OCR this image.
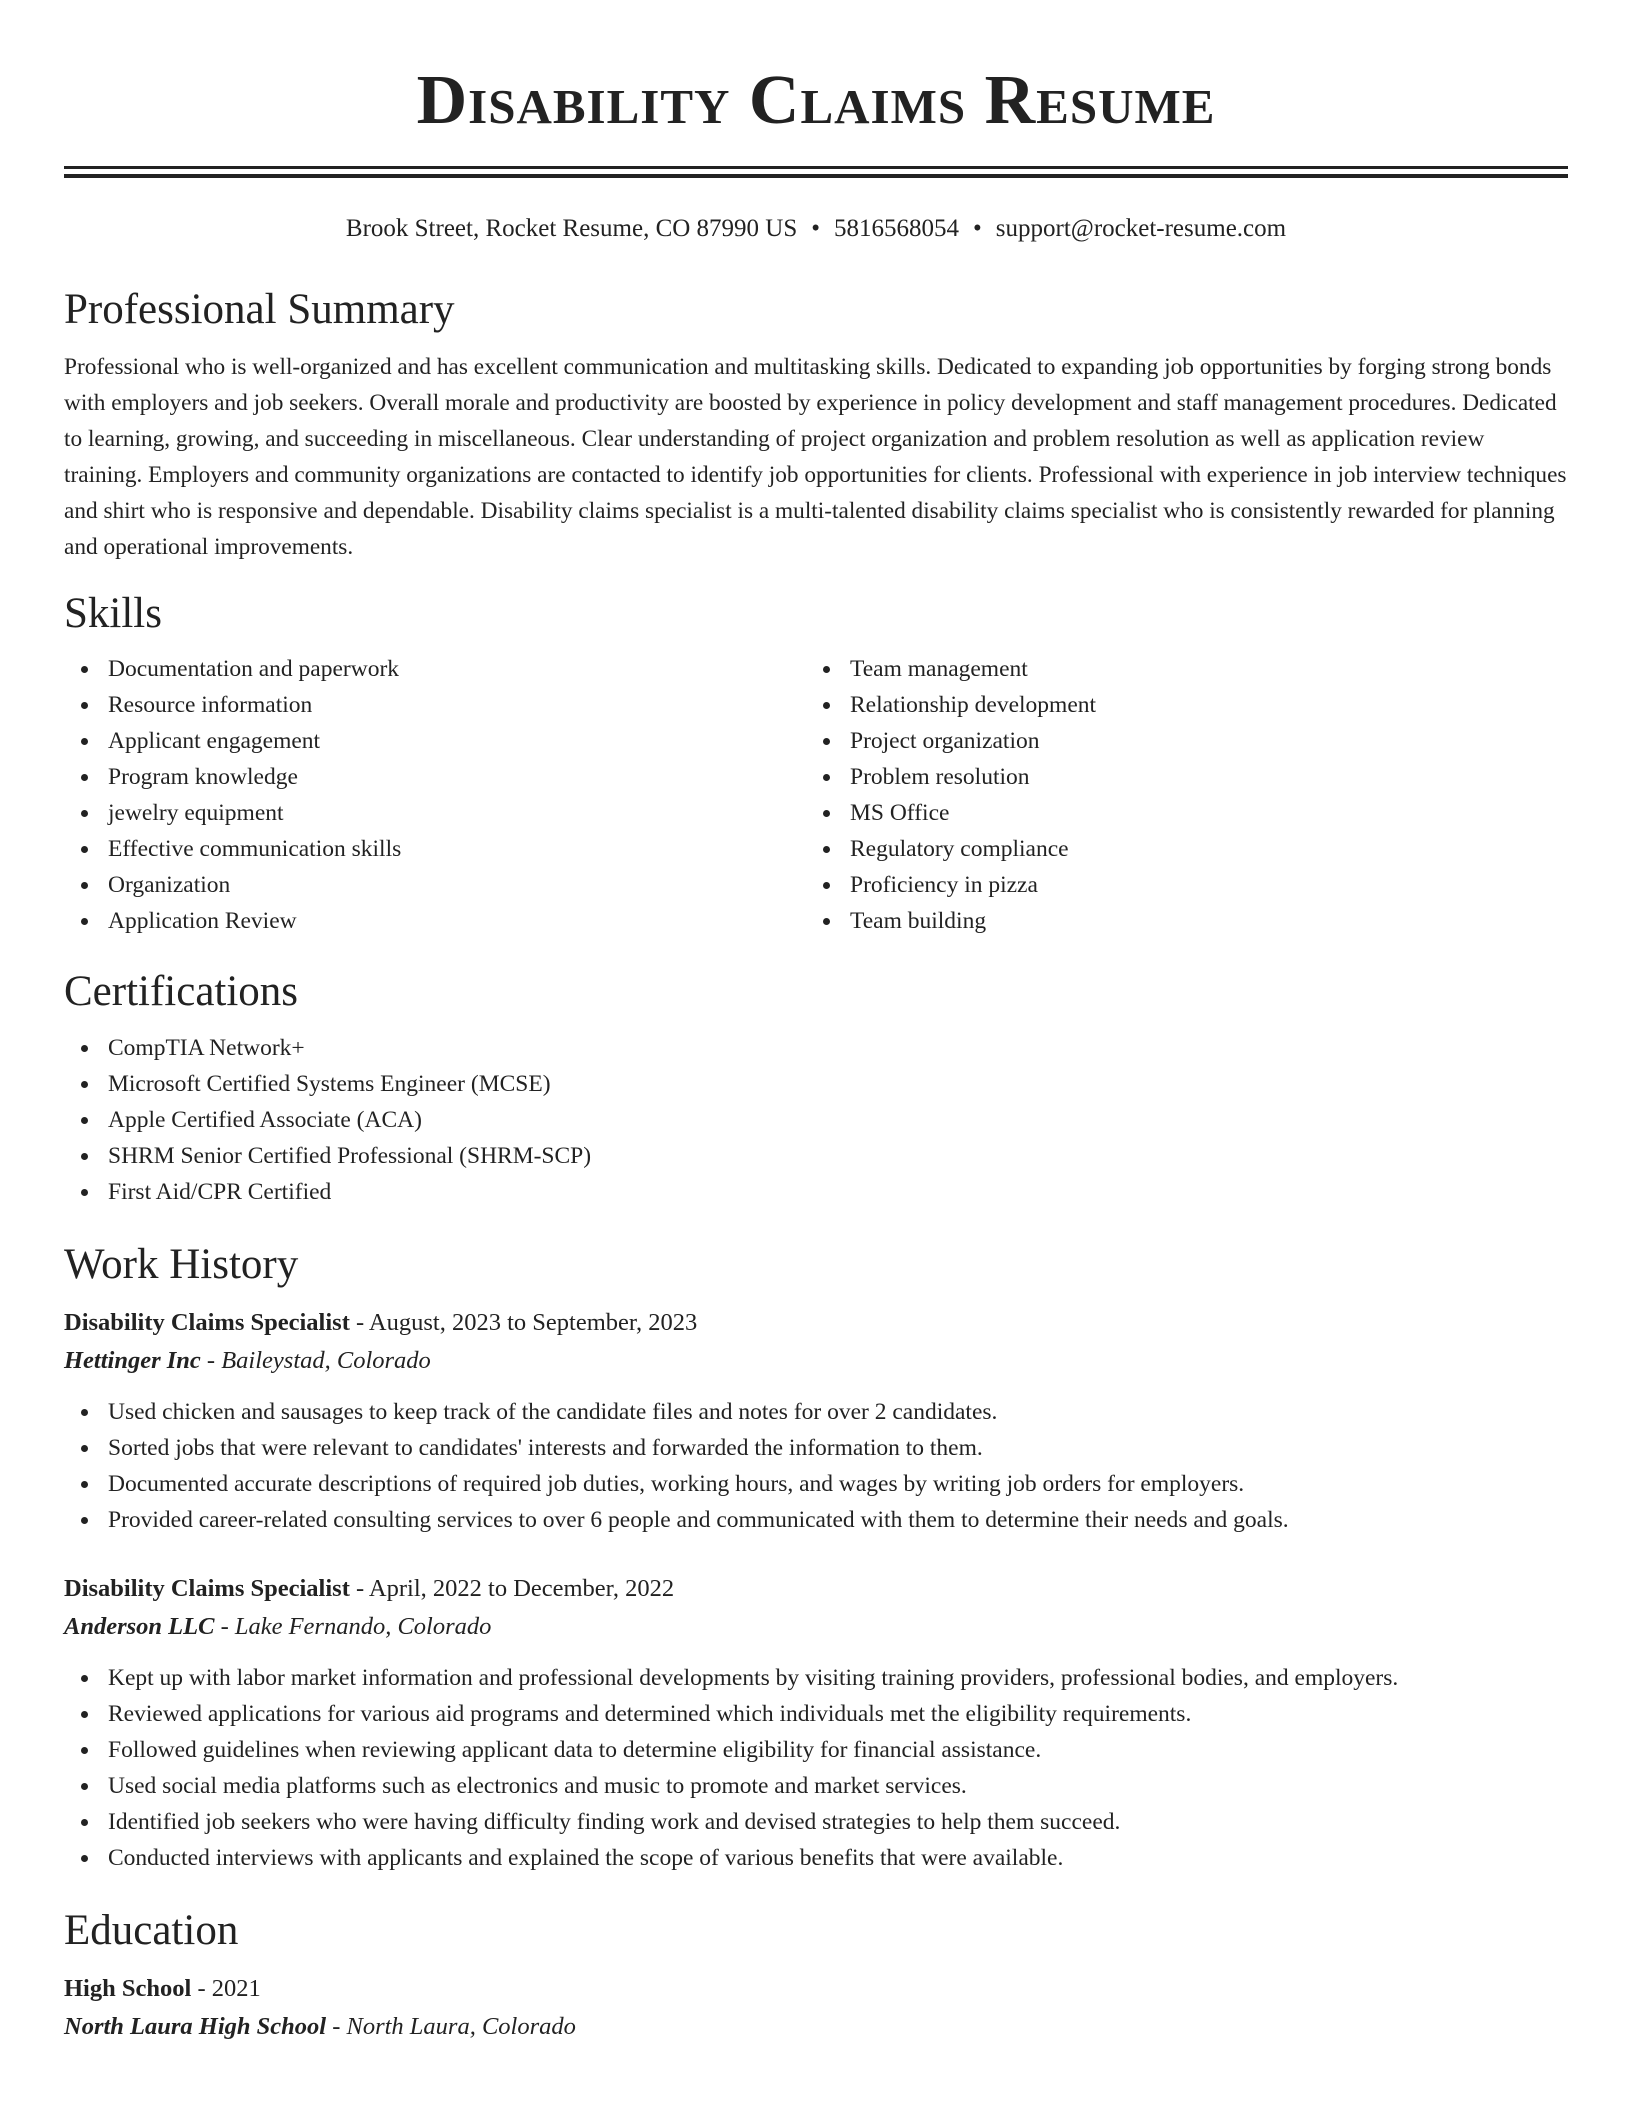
Disability Claims Resume
Brook Street, Rocket Resume, CO 87990 US • 5816568054 • support@rocket-resume.com
Professional Summary
Professional who is well-organized and has excellent communication and multitasking skills. Dedicated to expanding job opportunities by forging strong bonds with employers and job seekers. Overall morale and productivity are boosted by experience in policy development and staff management procedures. Dedicated to learning, growing, and succeeding in miscellaneous. Clear understanding of project organization and problem resolution as well as application review training. Employers and community organizations are contacted to identify job opportunities for clients. Professional with experience in job interview techniques and shirt who is responsive and dependable. Disability claims specialist is a multi-talented disability claims specialist who is consistently rewarded for planning and operational improvements.
Skills
Documentation and paperwork
Resource information
Applicant engagement
Program knowledge
jewelry equipment
Effective communication skills
Organization
Application Review
Team management
Relationship development
Project organization
Problem resolution
MS Office
Regulatory compliance
Proficiency in pizza
Team building
Certifications
CompTIA Network+
Microsoft Certified Systems Engineer (MCSE)
Apple Certified Associate (ACA)
SHRM Senior Certified Professional (SHRM-SCP)
First Aid/CPR Certified
Work History
Disability Claims Specialist - August, 2023 to September, 2023
Hettinger Inc - Baileystad, Colorado
Used chicken and sausages to keep track of the candidate files and notes for over 2 candidates.
Sorted jobs that were relevant to candidates' interests and forwarded the information to them.
Documented accurate descriptions of required job duties, working hours, and wages by writing job orders for employers.
Provided career-related consulting services to over 6 people and communicated with them to determine their needs and goals.
Disability Claims Specialist - April, 2022 to December, 2022
Anderson LLC - Lake Fernando, Colorado
Kept up with labor market information and professional developments by visiting training providers, professional bodies, and employers.
Reviewed applications for various aid programs and determined which individuals met the eligibility requirements.
Followed guidelines when reviewing applicant data to determine eligibility for financial assistance.
Used social media platforms such as electronics and music to promote and market services.
Identified job seekers who were having difficulty finding work and devised strategies to help them succeed.
Conducted interviews with applicants and explained the scope of various benefits that were available.
Education
High School - 2021
North Laura High School - North Laura, Colorado
